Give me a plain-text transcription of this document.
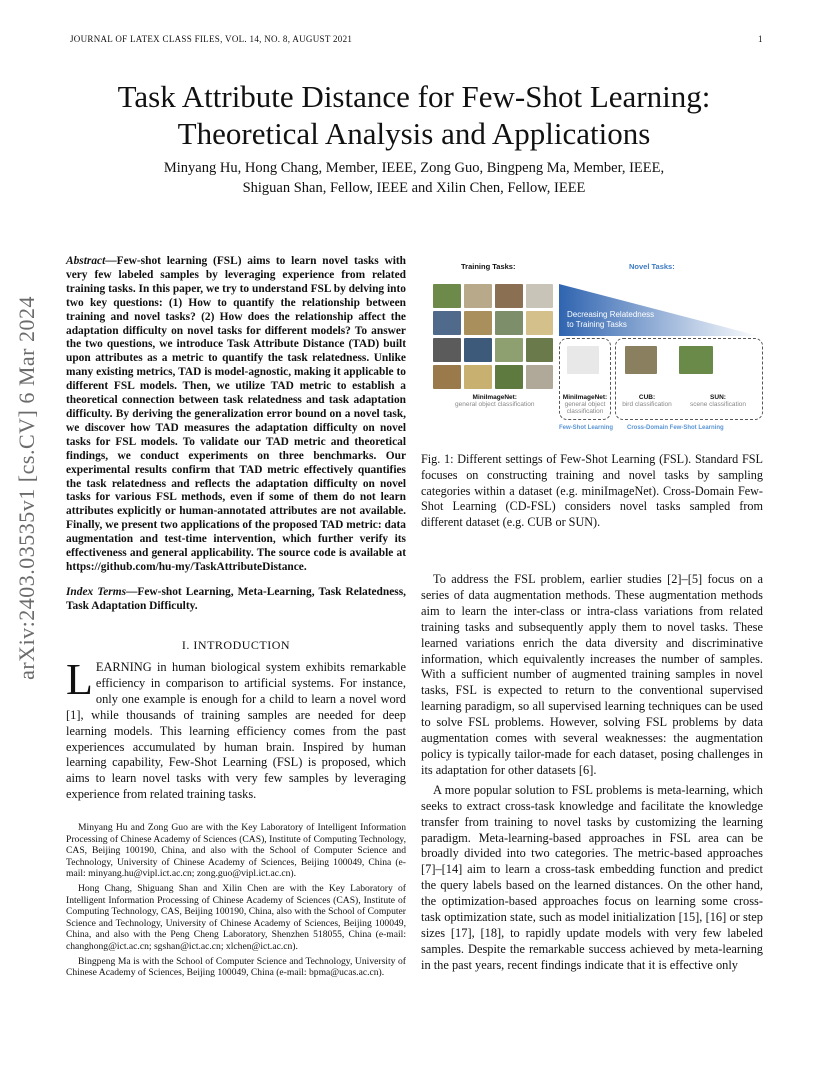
JOURNAL OF LATEX CLASS FILES, VOL. 14, NO. 8, AUGUST 2021	1
Task Attribute Distance for Few-Shot Learning:
Theoretical Analysis and Applications
Minyang Hu, Hong Chang, Member, IEEE, Zong Guo, Bingpeng Ma, Member, IEEE,
Shiguan Shan, Fellow, IEEE and Xilin Chen, Fellow, IEEE
arXiv:2403.03535v1 [cs.CV] 6 Mar 2024
Abstract—Few-shot learning (FSL) aims to learn novel tasks with very few labeled samples by leveraging experience from related training tasks. In this paper, we try to understand FSL by delving into two key questions: (1) How to quantify the relationship between training and novel tasks? (2) How does the relationship affect the adaptation difficulty on novel tasks for different models? To answer the two questions, we introduce Task Attribute Distance (TAD) built upon attributes as a metric to quantify the task relatedness. Unlike many existing metrics, TAD is model-agnostic, making it applicable to different FSL models. Then, we utilize TAD metric to establish a theoretical connection between task relatedness and task adaptation difficulty. By deriving the generalization error bound on a novel task, we discover how TAD measures the adaptation difficulty on novel tasks for FSL models. To validate our TAD metric and theoretical findings, we conduct experiments on three benchmarks. Our experimental results confirm that TAD metric effectively quantifies the task relatedness and reflects the adaptation difficulty on novel tasks for various FSL methods, even if some of them do not learn attributes explicitly or human-annotated attributes are not available. Finally, we present two applications of the proposed TAD metric: data augmentation and test-time intervention, which further verify its effectiveness and general applicability. The source code is available at https://github.com/hu-my/TaskAttributeDistance.
Index Terms—Few-shot Learning, Meta-Learning, Task Relatedness, Task Adaptation Difficulty.
I. INTRODUCTION
LEARNING in human biological system exhibits remarkable efficiency in comparison to artificial systems. For instance, only one example is enough for a child to learn a novel word [1], while thousands of training samples are needed for deep learning models. This learning efficiency comes from the past experiences accumulated by human brain. Inspired by human learning capability, Few-Shot Learning (FSL) is proposed, which aims to learn novel tasks with very few samples by leveraging experience from related training tasks.

Minyang Hu and Zong Guo are with the Key Laboratory of Intelligent Information Processing of Chinese Academy of Sciences (CAS), Institute of Computing Technology, CAS, Beijing 100190, China, and also with the School of Computer Science and Technology, University of Chinese Academy of Sciences, Beijing 100049, China (e-mail: minyang.hu@vipl.ict.ac.cn; zong.guo@vipl.ict.ac.cn).

Hong Chang, Shiguang Shan and Xilin Chen are with the Key Laboratory of Intelligent Information Processing of Chinese Academy of Sciences (CAS), Institute of Computing Technology, CAS, Beijing 100190, China, also with the School of Computer Science and Technology, University of Chinese Academy of Sciences, Beijing 100049, China, and also with the Peng Cheng Laboratory, Shenzhen 518055, China (e-mail: changhong@ict.ac.cn; sgshan@ict.ac.cn; xlchen@ict.ac.cn).

Bingpeng Ma is with the School of Computer Science and Technology, University of Chinese Academy of Sciences, Beijing 100049, China (e-mail: bpma@ucas.ac.cn).

Training Tasks:	Novel Tasks:
Decreasing Relatedness
to Training Tasks
MiniImageNet:
general object classification
MiniImageNet:
general object
classification
CUB:
bird classification
SUN:
scene classification
Few-Shot Learning Cross-Domain Few-Shot Learning
Fig. 1: Different settings of Few-Shot Learning (FSL). Standard FSL focuses on constructing training and novel tasks by sampling categories within a dataset (e.g. miniImageNet). Cross-Domain Few-Shot Learning (CD-FSL) considers novel tasks sampled from different dataset (e.g. CUB or SUN).

To address the FSL problem, earlier studies [2]–[5] focus on a series of data augmentation methods. These augmentation methods aim to learn the inter-class or intra-class variations from related training tasks and subsequently apply them to novel tasks. These learned variations enrich the data diversity and discriminative information, which equivalently increases the number of samples. With a sufficient number of augmented training samples in novel tasks, FSL is expected to return to the conventional supervised learning paradigm, so all supervised learning techniques can be used to solve FSL problems. However, solving FSL problems by data augmentation comes with several weaknesses: the augmentation policy is typically tailor-made for each dataset, posing challenges in its adaptation for other datasets [6].

A more popular solution to FSL problems is meta-learning, which seeks to extract cross-task knowledge and facilitate the knowledge transfer from training to novel tasks by customizing the learning paradigm. Meta-learning-based approaches in FSL area can be broadly divided into two categories. The metric-based approaches [7]–[14] aim to learn a cross-task embedding function and predict the query labels based on the learned distances. On the other hand, the optimization-based approaches focus on learning some cross-task optimization state, such as model initialization [15], [16] or step sizes [17], [18], to rapidly update models with very few labeled samples. Despite the remarkable success achieved by meta-learning in the past years, recent findings indicate that it is effective only
